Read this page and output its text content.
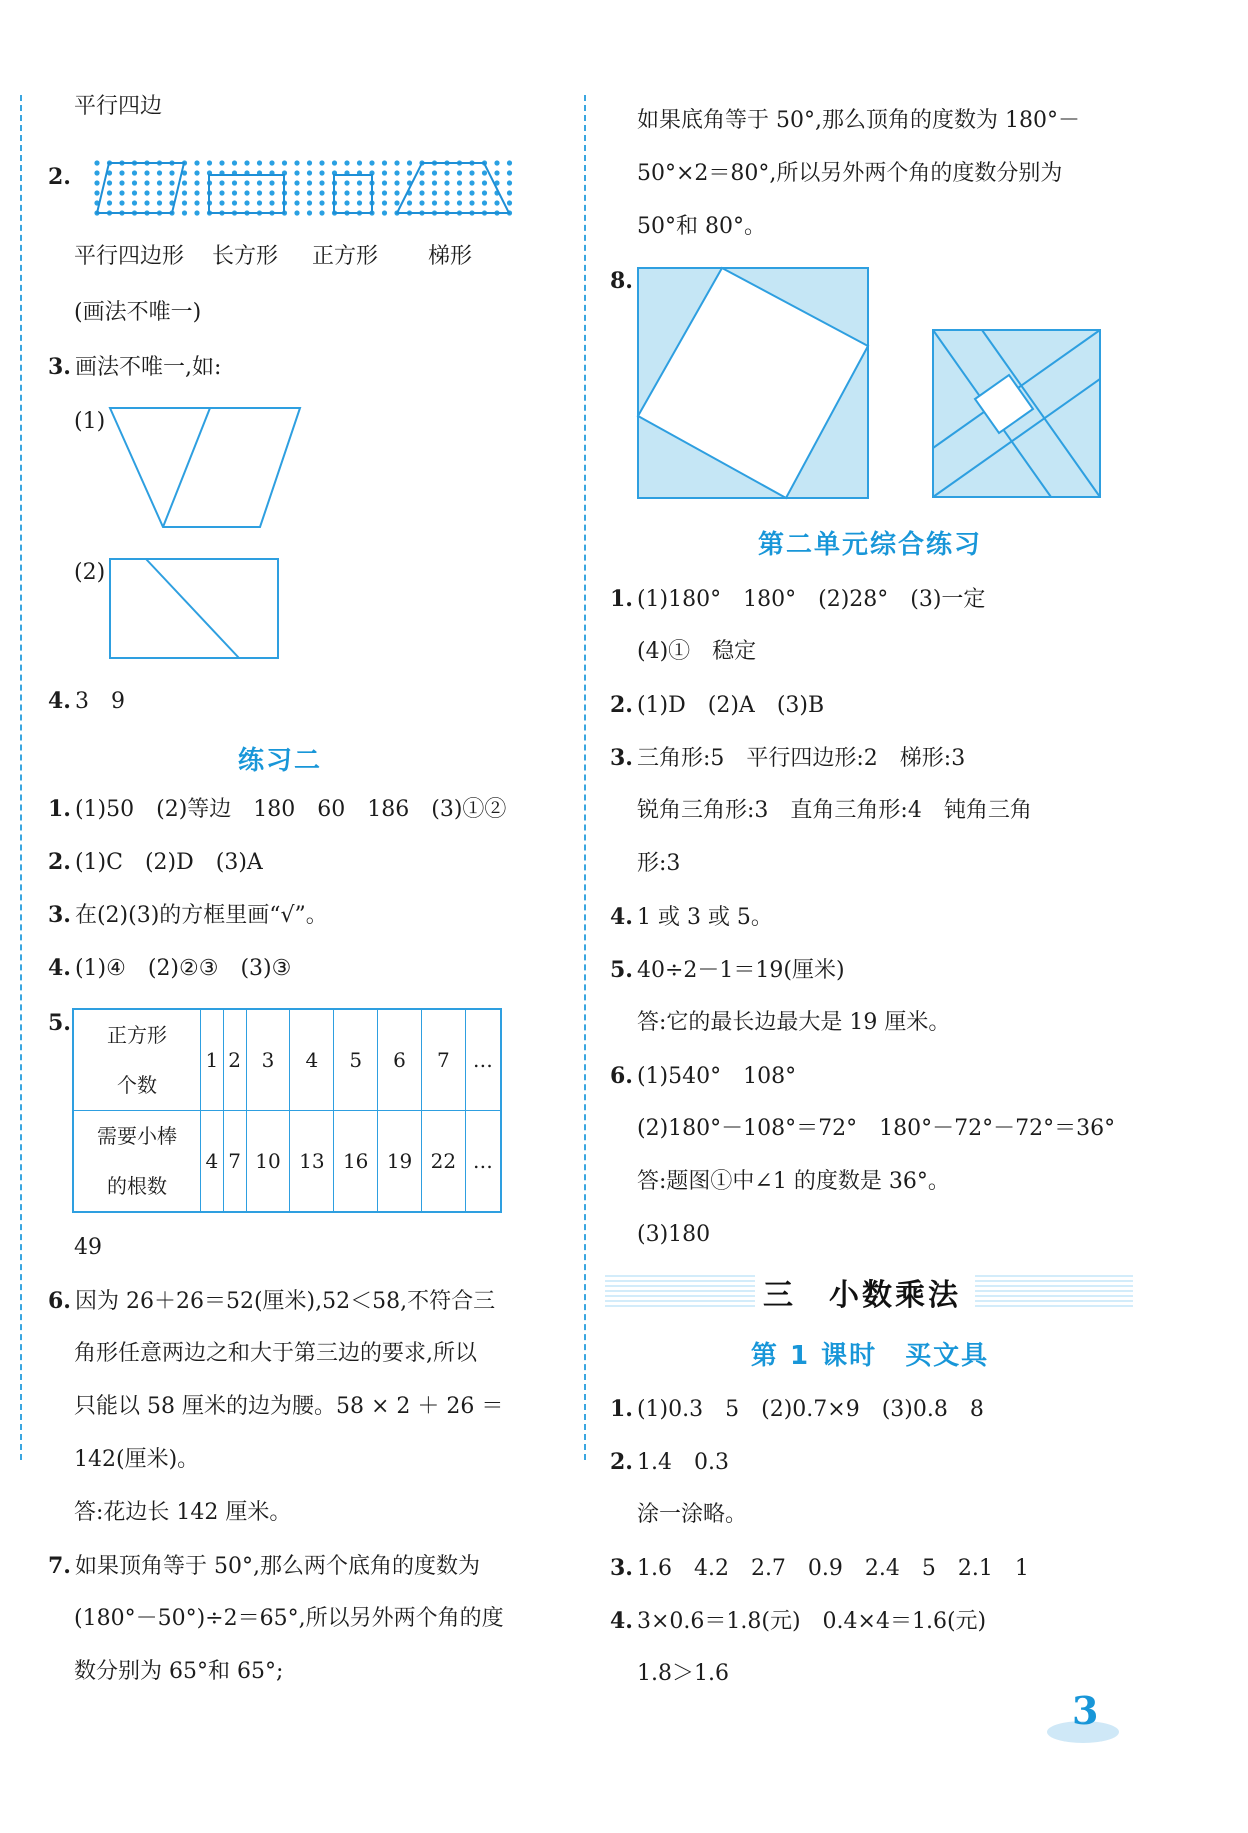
平行四边
2.
平行四边形 长方形 正方形 梯形
(画法不唯一)
3. 画法不唯一,如:
(1)
(2)
4. 3　9
练习二
1. (1)50　(2)等边　180　60　186　(3)①②
2. (1)C　(2)D　(3)A
3. 在(2)(3)的方框里画“√”。
4. (1)④　(2)②③　(3)③
5.	正方形
个数	1	2	3	4	5	6	7	…

需要小棒
的根数	4	7	10	13	16	19	22	…
49
6. 因为 26＋26＝52(厘米),52＜58,不符合三
角形任意两边之和大于第三边的要求,所以
只能以 58 厘米的边为腰。58 × 2 ＋ 26 ＝
142(厘米)。
答:花边长 142 厘米。
7. 如果顶角等于 50°,那么两个底角的度数为
(180°－50°)÷2＝65°,所以另外两个角的度
数分别为 65°和 65°;
如果底角等于 50°,那么顶角的度数为 180°－
50°×2＝80°,所以另外两个角的度数分别为
50°和 80°。
8.
第二单元综合练习
1. (1)180°　180°　(2)28°　(3)一定
(4)①　稳定
2. (1)D　(2)A　(3)B
3. 三角形:5　平行四边形:2　梯形:3
锐角三角形:3　直角三角形:4　钝角三角
形:3
4. 1 或 3 或 5。
5. 40÷2－1＝19(厘米)
答:它的最长边最大是 19 厘米。
6. (1)540°　108°
(2)180°－108°＝72°　180°－72°－72°＝36°
答:题图①中∠1 的度数是 36°。
(3)180
三　小数乘法
第 1 课时　买文具
1. (1)0.3　5　(2)0.7×9　(3)0.8　8
2. 1.4　0.3
涂一涂略。
3. 1.6　4.2　2.7　0.9　2.4　5　2.1　1
4. 3×0.6＝1.8(元)　0.4×4＝1.6(元)
1.8＞1.6
3
